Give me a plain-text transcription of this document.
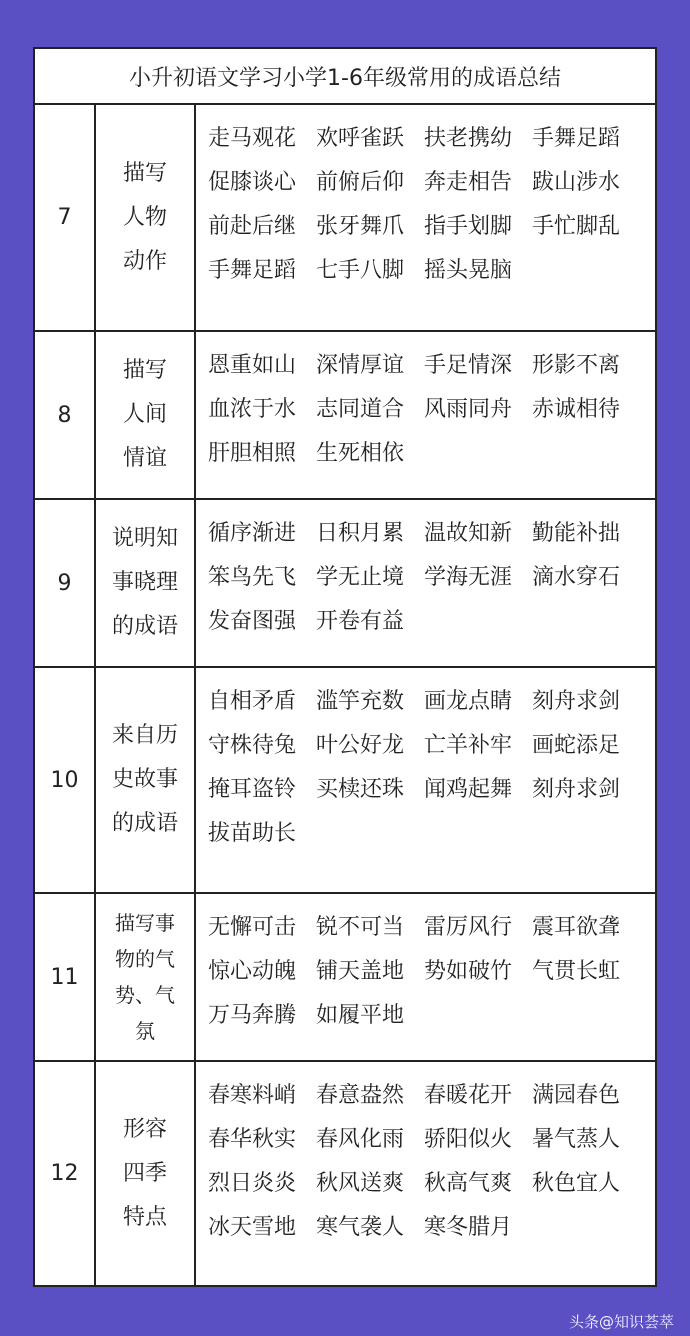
小升初语文学习小学1-6年级常用的成语总结
7
描写
人物
动作
走马观花 欢呼雀跃 扶老携幼 手舞足蹈促膝谈心 前俯后仰 奔走相告 跋山涉水前赴后继 张牙舞爪 指手划脚 手忙脚乱手舞足蹈 七手八脚 摇头晃脑
8
描写
人间
情谊
恩重如山 深情厚谊 手足情深 形影不离血浓于水 志同道合 风雨同舟 赤诚相待肝胆相照 生死相依
9
说明知
事晓理
的成语
循序渐进 日积月累 温故知新 勤能补拙笨鸟先飞 学无止境 学海无涯 滴水穿石发奋图强 开卷有益
10
来自历
史故事
的成语
自相矛盾 滥竽充数 画龙点睛 刻舟求剑守株待兔 叶公好龙 亡羊补牢 画蛇添足掩耳盗铃 买椟还珠 闻鸡起舞 刻舟求剑拔苗助长
11
描写事
物的气
势、气
氛
无懈可击 锐不可当 雷厉风行 震耳欲聋惊心动魄 铺天盖地 势如破竹 气贯长虹万马奔腾 如履平地
12
形容
四季
特点
春寒料峭 春意盎然 春暖花开 满园春色春华秋实 春风化雨 骄阳似火 暑气蒸人烈日炎炎 秋风送爽 秋高气爽 秋色宜人冰天雪地 寒气袭人 寒冬腊月
头条@知识荟萃
